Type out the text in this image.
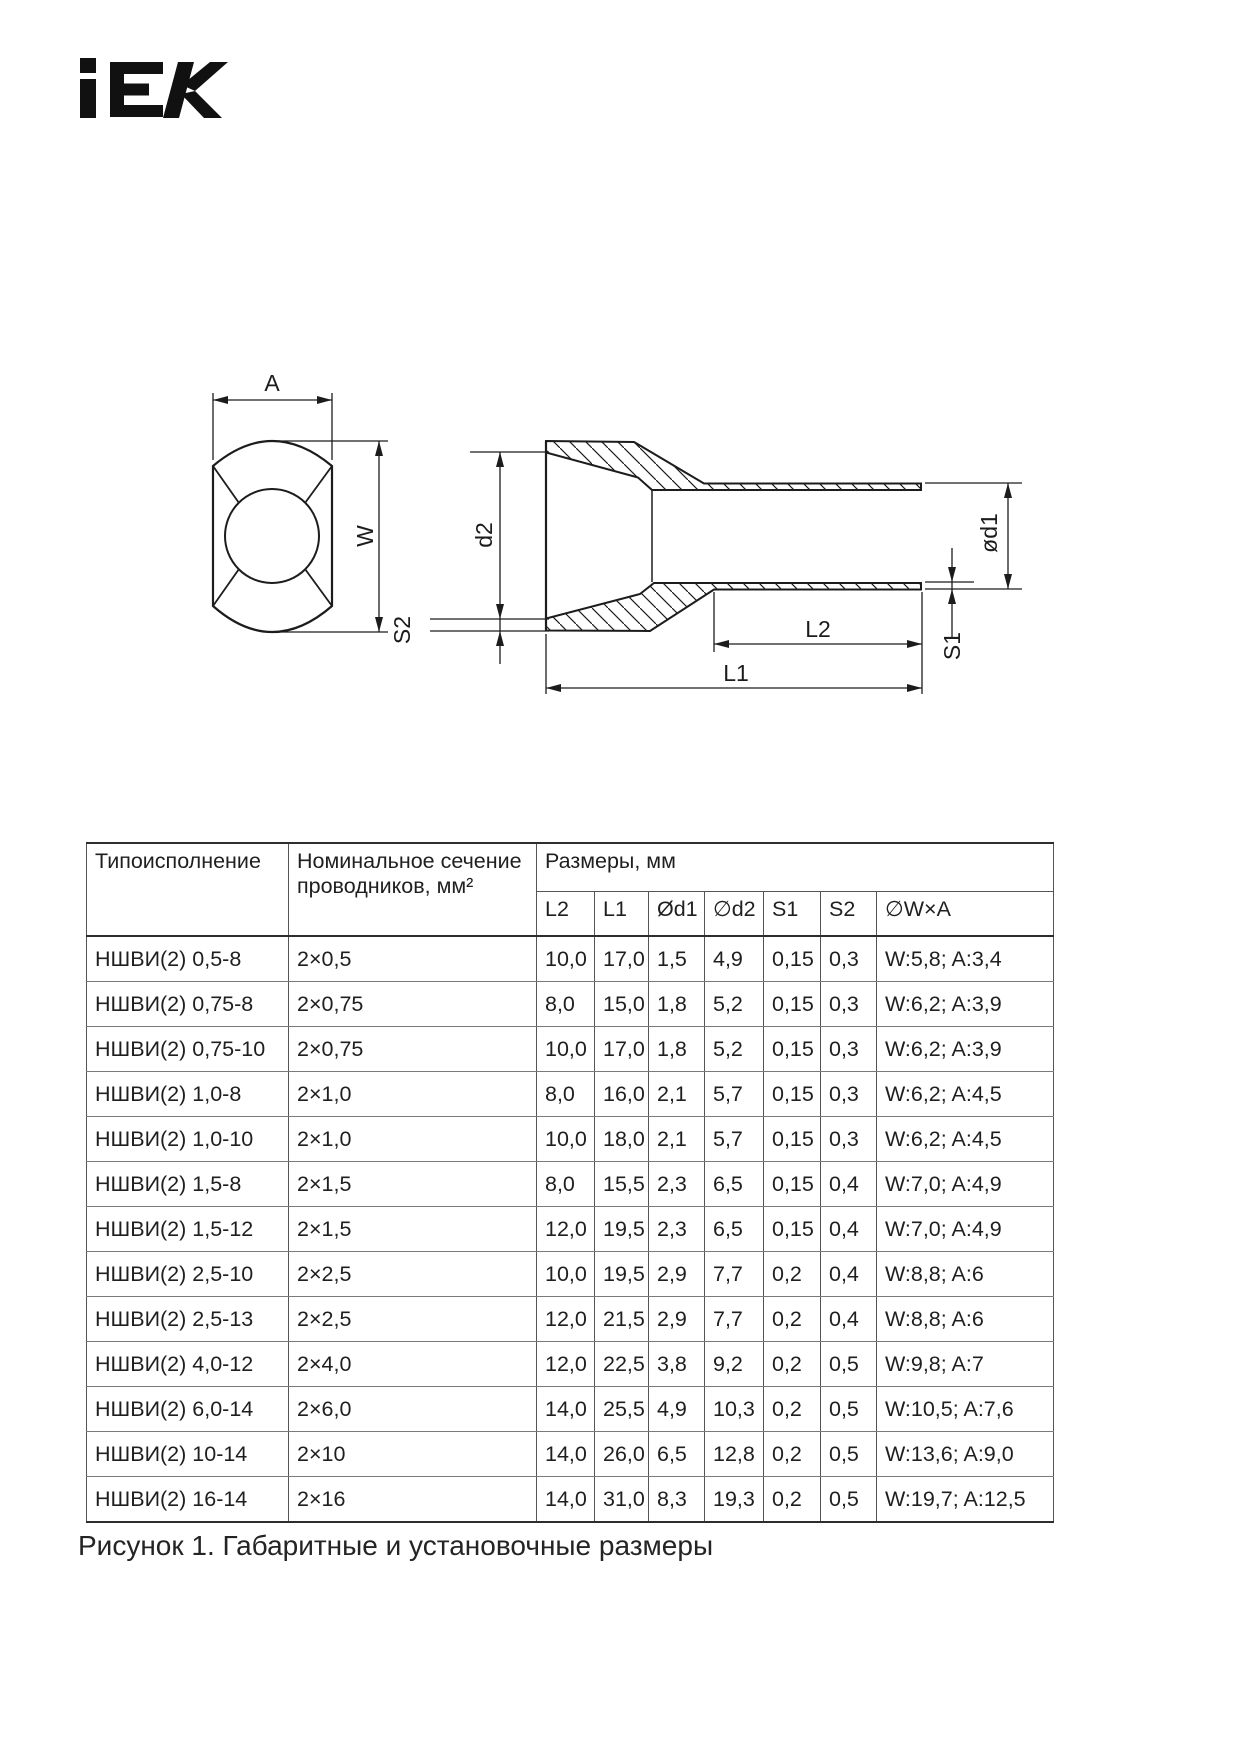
A
W	d2
S2	L2
L1
S1
ød1
Типоисполнение	Номинальное сечение проводников, мм²	Размеры, мм						
		L2	L1	Ød1	∅d2	S1	S2	∅W×A
НШВИ(2) 0,5-8	2×0,5	10,0	17,0	1,5	4,9	0,15	0,3	W:5,8; A:3,4
НШВИ(2) 0,75-8	2×0,75	8,0	15,0	1,8	5,2	0,15	0,3	W:6,2; A:3,9
НШВИ(2) 0,75-10	2×0,75	10,0	17,0	1,8	5,2	0,15	0,3	W:6,2; A:3,9
НШВИ(2) 1,0-8	2×1,0	8,0	16,0	2,1	5,7	0,15	0,3	W:6,2; A:4,5
НШВИ(2) 1,0-10	2×1,0	10,0	18,0	2,1	5,7	0,15	0,3	W:6,2; A:4,5
НШВИ(2) 1,5-8	2×1,5	8,0	15,5	2,3	6,5	0,15	0,4	W:7,0; A:4,9
НШВИ(2) 1,5-12	2×1,5	12,0	19,5	2,3	6,5	0,15	0,4	W:7,0; A:4,9
НШВИ(2) 2,5-10	2×2,5	10,0	19,5	2,9	7,7	0,2	0,4	W:8,8; A:6
НШВИ(2) 2,5-13	2×2,5	12,0	21,5	2,9	7,7	0,2	0,4	W:8,8; A:6
НШВИ(2) 4,0-12	2×4,0	12,0	22,5	3,8	9,2	0,2	0,5	W:9,8; A:7
НШВИ(2) 6,0-14	2×6,0	14,0	25,5	4,9	10,3	0,2	0,5	W:10,5; A:7,6
НШВИ(2) 10-14	2×10	14,0	26,0	6,5	12,8	0,2	0,5	W:13,6; A:9,0
НШВИ(2) 16-14	2×16	14,0	31,0	8,3	19,3	0,2	0,5	W:19,7; A:12,5
Рисунок 1. Габаритные и установочные размеры
